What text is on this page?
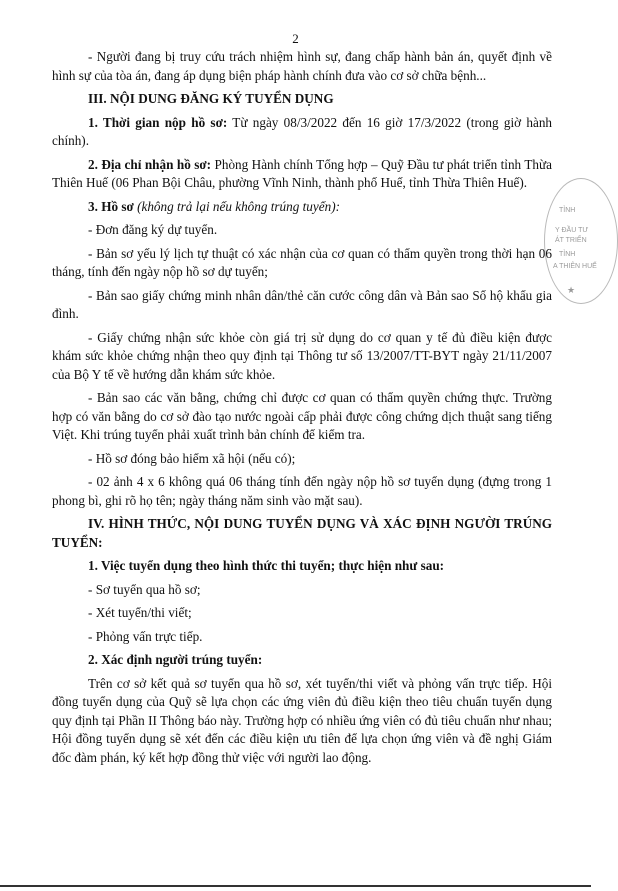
2

- Người đang bị truy cứu trách nhiệm hình sự, đang chấp hành bản án, quyết định về hình sự của tòa án, đang áp dụng biện pháp hành chính đưa vào cơ sở chữa bệnh...

III. NỘI DUNG ĐĂNG KÝ TUYỂN DỤNG

1. Thời gian nộp hồ sơ: Từ ngày 08/3/2022 đến 16 giờ 17/3/2022 (trong giờ hành chính).

2. Địa chỉ nhận hồ sơ: Phòng Hành chính Tổng hợp – Quỹ Đầu tư phát triển tỉnh Thừa Thiên Huế (06 Phan Bội Châu, phường Vĩnh Ninh, thành phố Huế, tỉnh Thừa Thiên Huế).

3. Hồ sơ (không trả lại nếu không trúng tuyển):

- Đơn đăng ký dự tuyển.

- Bản sơ yếu lý lịch tự thuật có xác nhận của cơ quan có thẩm quyền trong thời hạn 06 tháng, tính đến ngày nộp hồ sơ dự tuyển;

- Bản sao giấy chứng minh nhân dân/thẻ căn cước công dân và Bản sao Sổ hộ khẩu gia đình.

- Giấy chứng nhận sức khỏe còn giá trị sử dụng do cơ quan y tế đủ điều kiện được khám sức khỏe chứng nhận theo quy định tại Thông tư số 13/2007/TT-BYT ngày 21/11/2007 của Bộ Y tế về hướng dẫn khám sức khỏe.

- Bản sao các văn bằng, chứng chỉ được cơ quan có thẩm quyền chứng thực. Trường hợp có văn bằng do cơ sở đào tạo nước ngoài cấp phải được công chứng dịch thuật sang tiếng Việt. Khi trúng tuyển phải xuất trình bản chính để kiểm tra.

- Hồ sơ đóng bảo hiểm xã hội (nếu có);

- 02 ảnh 4 x 6 không quá 06 tháng tính đến ngày nộp hồ sơ tuyển dụng (đựng trong 1 phong bì, ghi rõ họ tên; ngày tháng năm sinh vào mặt sau).

IV. HÌNH THỨC, NỘI DUNG TUYỂN DỤNG VÀ XÁC ĐỊNH NGƯỜI TRÚNG TUYỂN:

1. Việc tuyển dụng theo hình thức thi tuyển; thực hiện như sau:

- Sơ tuyển qua hồ sơ;

- Xét tuyển/thi viết;

- Phỏng vấn trực tiếp.

2. Xác định người trúng tuyển:

Trên cơ sở kết quả sơ tuyển qua hồ sơ, xét tuyển/thi viết và phỏng vấn trực tiếp. Hội đồng tuyển dụng của Quỹ sẽ lựa chọn các ứng viên đủ điều kiện theo tiêu chuẩn tuyển dụng quy định tại Phần II Thông báo này. Trường hợp có nhiều ứng viên có đủ tiêu chuẩn như nhau; Hội đồng tuyển dụng sẽ xét đến các điều kiện ưu tiên để lựa chọn ứng viên và đề nghị Giám đốc đàm phán, ký kết hợp đồng thử việc với người lao động.

TỈNH
Y ĐẦU TƯ
ÁT TRIỂN
TỈNH
A THIÊN HUẾ
★
